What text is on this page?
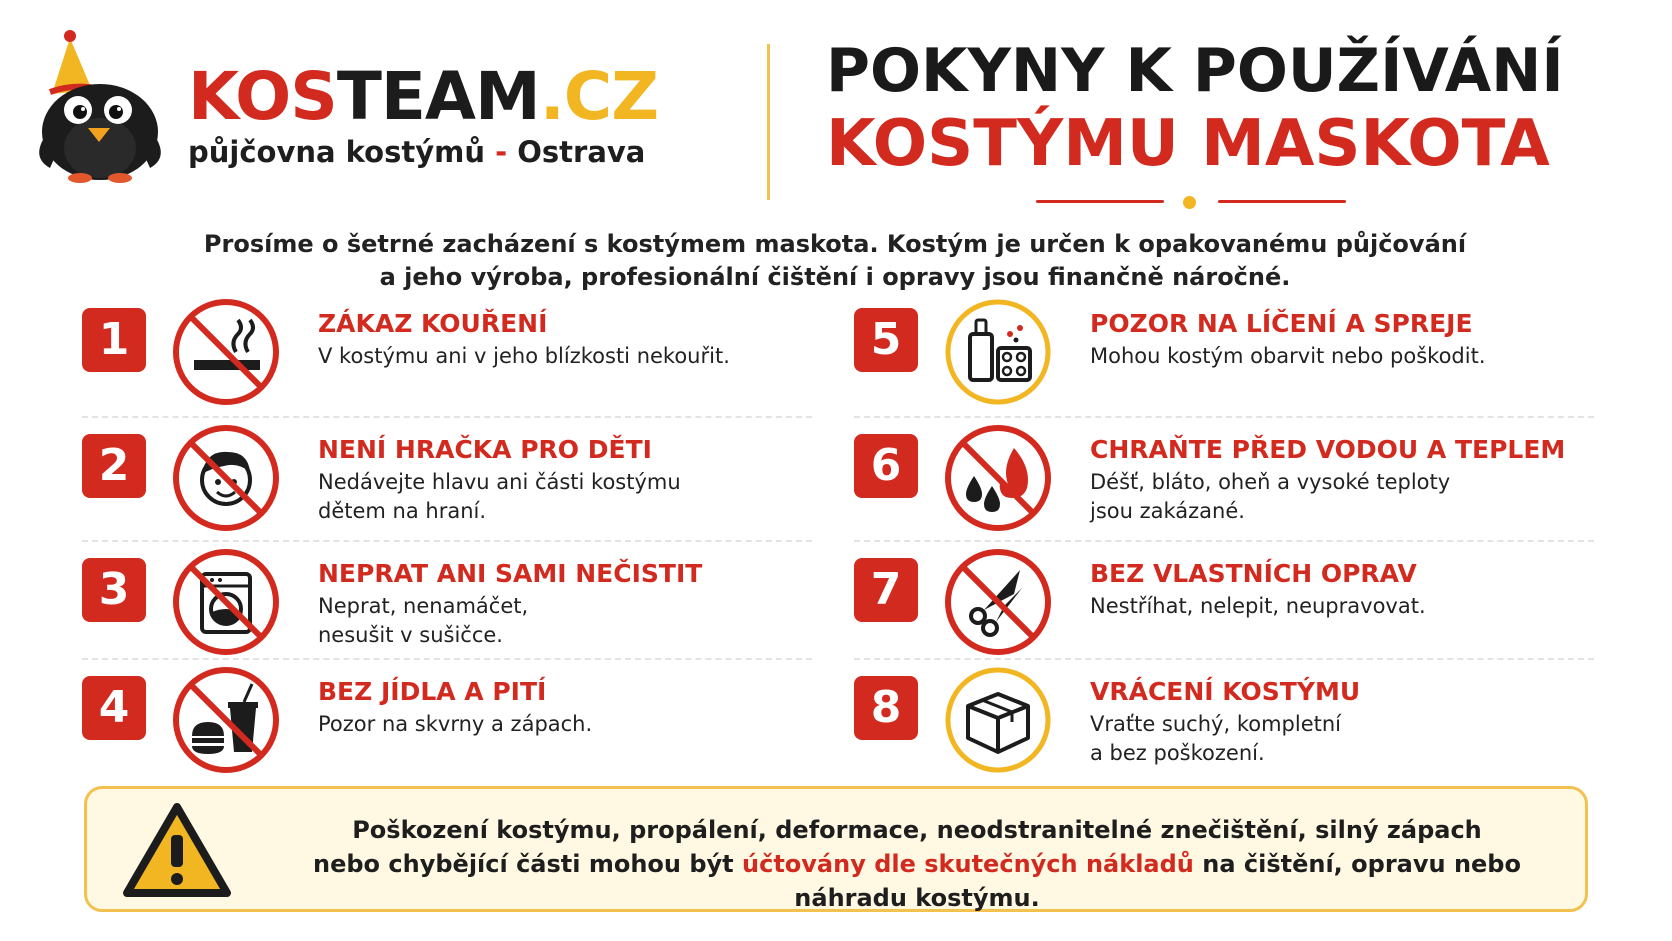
KOSTEAM.CZ
půjčovna kostýmů - Ostrava
POKYNY K POUŽÍVÁNÍ
KOSTÝMU MASKOTA
Prosíme o šetrné zacházení s kostýmem maskota. Kostým je určen k opakovanému půjčování
a jeho výroba, profesionální čištění i opravy jsou finančně náročné.
1	ZÁKAZ KOUŘENÍ
V kostýmu ani v jeho blízkosti nekouřit.
2	NENÍ HRAČKA PRO DĚTI
Nedávejte hlavu ani části kostýmu
dětem na hraní.
3	NEPRAT ANI SAMI NEČISTIT
Neprat, nenamáčet,
nesušit v sušičce.
4	BEZ JÍDLA A PITÍ
Pozor na skvrny a zápach.
5	POZOR NA LÍČENÍ A SPREJE
Mohou kostým obarvit nebo poškodit.
6	CHRAŇTE PŘED VODOU A TEPLEM
Déšť, bláto, oheň a vysoké teploty
jsou zakázané.
7	BEZ VLASTNÍCH OPRAV
Nestříhat, nelepit, neupravovat.
8	VRÁCENÍ KOSTÝMU
Vraťte suchý, kompletní
a bez poškození.
Poškození kostýmu, propálení, deformace, neodstranitelné znečištění, silný zápach
nebo chybějící části mohou být účtovány dle skutečných nákladů na čištění, opravu nebo náhradu kostýmu.
